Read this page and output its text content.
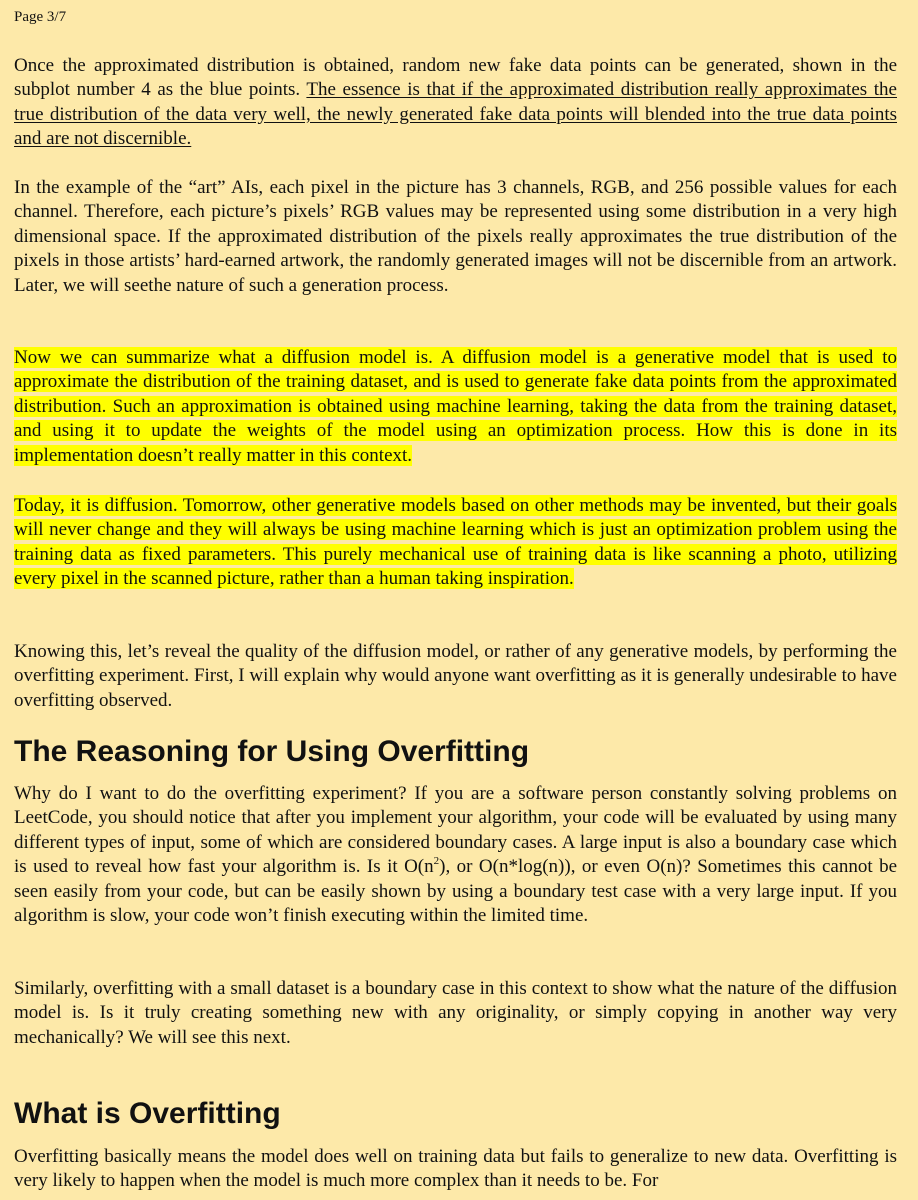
Page 3/7

Once the approximated distribution is obtained, random new fake data points can be generated, shown in the subplot number 4 as the blue points. The essence is that if the approximated distribution really approximates the true distribution of the data very well, the newly generated fake data points will blended into the true data points and are not discernible.

In the example of the “art” AIs, each pixel in the picture has 3 channels, RGB, and 256 possible values for each channel. Therefore, each picture’s pixels’ RGB values may be represented using some distribution in a very high dimensional space. If the approximated distribution of the pixels really approximates the true distribution of the pixels in those artists’ hard-earned artwork, the randomly generated images will not be discernible from an artwork. Later, we will seethe nature of such a generation process.

Now we can summarize what a diffusion model is. A diffusion model is a generative model that is used to approximate the distribution of the training dataset, and is used to generate fake data points from the approximated distribution. Such an approximation is obtained using machine learning, taking the data from the training dataset, and using it to update the weights of the model using an optimization process. How this is done in its implementation doesn’t really matter in this context.

Today, it is diffusion. Tomorrow, other generative models based on other methods may be invented, but their goals will never change and they will always be using machine learning which is just an optimization problem using the training data as fixed parameters. This purely mechanical use of training data is like scanning a photo, utilizing every pixel in the scanned picture, rather than a human taking inspiration.

Knowing this, let’s reveal the quality of the diffusion model, or rather of any generative models, by performing the overfitting experiment. First, I will explain why would anyone want overfitting as it is generally undesirable to have overfitting observed.

The Reasoning for Using Overfitting

Why do I want to do the overfitting experiment? If you are a software person constantly solving problems on LeetCode, you should notice that after you implement your algorithm, your code will be evaluated by using many different types of input, some of which are considered boundary cases. A large input is also a boundary case which is used to reveal how fast your algorithm is. Is it $O(n^2)$, or O(n*log(n)), or even O(n)? Sometimes this cannot be seen easily from your code, but can be easily shown by using a boundary test case with a very large input. If you algorithm is slow, your code won’t finish executing within the limited time.

Similarly, overfitting with a small dataset is a boundary case in this context to show what the nature of the diffusion model is. Is it truly creating something new with any originality, or simply copying in another way very mechanically? We will see this next.

What is Overfitting

Overfitting basically means the model does well on training data but fails to generalize to new data. Overfitting is very likely to happen when the model is much more complex than it needs to be. For
